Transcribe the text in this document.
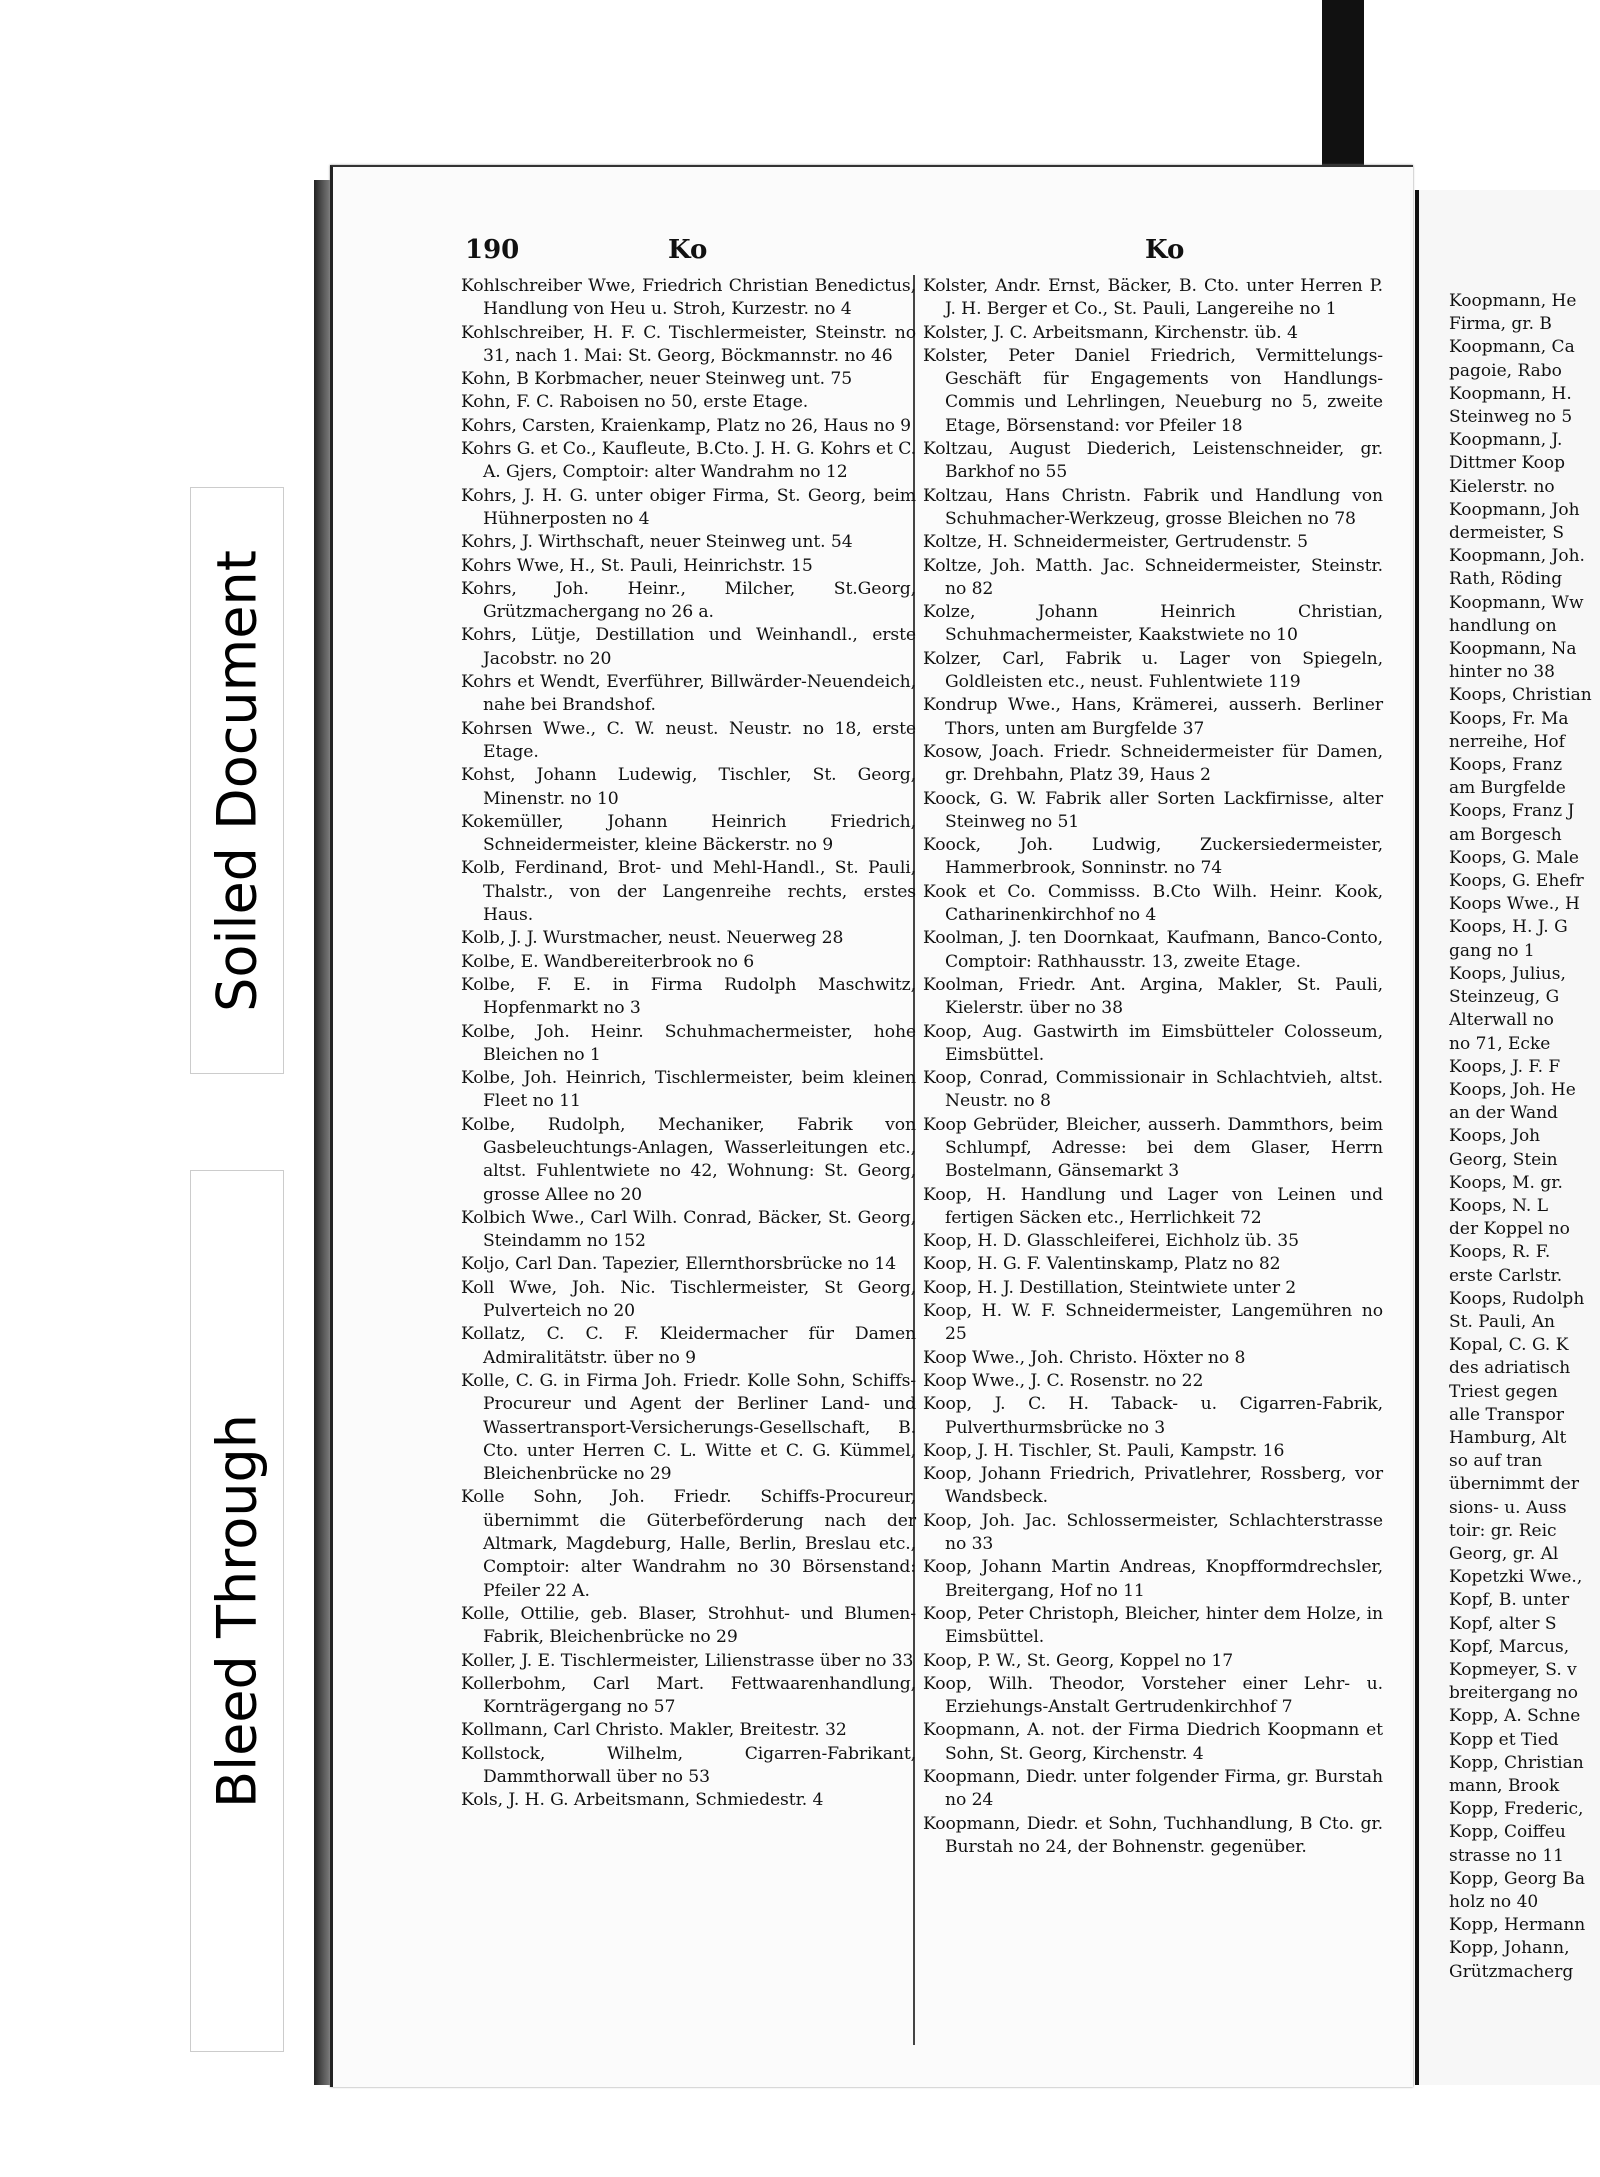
190	Ko	Ko

Kohlschreiber Wwe, Friedrich Christian Benedictus, Handlung von Heu u. Stroh, Kurzestr. no 4

Kohlschreiber, H. F. C. Tischlermeister, Steinstr. no 31, nach 1. Mai: St. Georg, Böckmannstr. no 46

Kohn, B Korbmacher, neuer Steinweg unt. 75

Kohn, F. C. Raboisen no 50, erste Etage.

Kohrs, Carsten, Kraienkamp, Platz no 26, Haus no 9

Kohrs G. et Co., Kaufleute, B.Cto. J. H. G. Kohrs et C. A. Gjers, Comptoir: alter Wandrahm no 12

Kohrs, J. H. G. unter obiger Firma, St. Georg, beim Hühnerposten no 4

Kohrs, J. Wirthschaft, neuer Steinweg unt. 54

Kohrs Wwe, H., St. Pauli, Heinrichstr. 15

Kohrs, Joh. Heinr., Milcher, St.Georg, Grützmachergang no 26 a.

Kohrs, Lütje, Destillation und Weinhandl., erste Jacobstr. no 20

Kohrs et Wendt, Everführer, Billwärder-Neuendeich, nahe bei Brandshof.

Kohrsen Wwe., C. W. neust. Neustr. no 18, erste Etage.

Kohst, Johann Ludewig, Tischler, St. Georg, Minenstr. no 10

Kokemüller, Johann Heinrich Friedrich, Schneidermeister, kleine Bäckerstr. no 9

Kolb, Ferdinand, Brot- und Mehl-Handl., St. Pauli, Thalstr., von der Langenreihe rechts, erstes Haus.

Kolb, J. J. Wurstmacher, neust. Neuerweg 28

Kolbe, E. Wandbereiterbrook no 6

Kolbe, F. E. in Firma Rudolph Maschwitz, Hopfenmarkt no 3

Kolbe, Joh. Heinr. Schuhmachermeister, hohe Bleichen no 1

Kolbe, Joh. Heinrich, Tischlermeister, beim kleinen Fleet no 11

Kolbe, Rudolph, Mechaniker, Fabrik von Gasbeleuchtungs-Anlagen, Wasserleitungen etc., altst. Fuhlentwiete no 42, Wohnung: St. Georg, grosse Allee no 20

Kolbich Wwe., Carl Wilh. Conrad, Bäcker, St. Georg, Steindamm no 152

Koljo, Carl Dan. Tapezier, Ellernthorsbrücke no 14

Koll Wwe, Joh. Nic. Tischlermeister, St Georg, Pulverteich no 20

Kollatz, C. C. F. Kleidermacher für Damen Admiralitätstr. über no 9

Kolle, C. G. in Firma Joh. Friedr. Kolle Sohn, Schiffs-Procureur und Agent der Berliner Land- und Wassertransport-Versicherungs-Gesellschaft, B. Cto. unter Herren C. L. Witte et C. G. Kümmel, Bleichenbrücke no 29

Kolle Sohn, Joh. Friedr. Schiffs-Procureur, übernimmt die Güterbeförderung nach der Altmark, Magdeburg, Halle, Berlin, Breslau etc., Comptoir: alter Wandrahm no 30 Börsenstand: Pfeiler 22 A.

Kolle, Ottilie, geb. Blaser, Strohhut- und Blumen-Fabrik, Bleichenbrücke no 29

Koller, J. E. Tischlermeister, Lilienstrasse über no 33

Kollerbohm, Carl Mart. Fettwaarenhandlung, Kornträgergang no 57

Kollmann, Carl Christo. Makler, Breitestr. 32

Kollstock, Wilhelm, Cigarren-Fabrikant, Dammthorwall über no 53

Kols, J. H. G. Arbeitsmann, Schmiedestr. 4

Kolster, Andr. Ernst, Bäcker, B. Cto. unter Herren P. J. H. Berger et Co., St. Pauli, Langereihe no 1

Kolster, J. C. Arbeitsmann, Kirchenstr. üb. 4

Kolster, Peter Daniel Friedrich, Vermittelungs-Geschäft für Engagements von Handlungs-Commis und Lehrlingen, Neueburg no 5, zweite Etage, Börsenstand: vor Pfeiler 18

Koltzau, August Diederich, Leistenschneider, gr. Barkhof no 55

Koltzau, Hans Christn. Fabrik und Handlung von Schuhmacher-Werkzeug, grosse Bleichen no 78

Koltze, H. Schneidermeister, Gertrudenstr. 5

Koltze, Joh. Matth. Jac. Schneidermeister, Steinstr. no 82

Kolze, Johann Heinrich Christian, Schuhmachermeister, Kaakstwiete no 10

Kolzer, Carl, Fabrik u. Lager von Spiegeln, Goldleisten etc., neust. Fuhlentwiete 119

Kondrup Wwe., Hans, Krämerei, ausserh. Berliner Thors, unten am Burgfelde 37

Kosow, Joach. Friedr. Schneidermeister für Damen, gr. Drehbahn, Platz 39, Haus 2

Koock, G. W. Fabrik aller Sorten Lackfirnisse, alter Steinweg no 51

Koock, Joh. Ludwig, Zuckersiedermeister, Hammerbrook, Sonninstr. no 74

Kook et Co. Commisss. B.Cto Wilh. Heinr. Kook, Catharinenkirchhof no 4

Koolman, J. ten Doornkaat, Kaufmann, Banco-Conto, Comptoir: Rathhausstr. 13, zweite Etage.

Koolman, Friedr. Ant. Argina, Makler, St. Pauli, Kielerstr. über no 38

Koop, Aug. Gastwirth im Eimsbütteler Colosseum, Eimsbüttel.

Koop, Conrad, Commissionair in Schlachtvieh, altst. Neustr. no 8

Koop Gebrüder, Bleicher, ausserh. Dammthors, beim Schlumpf, Adresse: bei dem Glaser, Herrn Bostelmann, Gänsemarkt 3

Koop, H. Handlung und Lager von Leinen und fertigen Säcken etc., Herrlichkeit 72

Koop, H. D. Glasschleiferei, Eichholz üb. 35

Koop, H. G. F. Valentinskamp, Platz no 82

Koop, H. J. Destillation, Steintwiete unter 2

Koop, H. W. F. Schneidermeister, Langemühren no 25

Koop Wwe., Joh. Christo. Höxter no 8

Koop Wwe., J. C. Rosenstr. no 22

Koop, J. C. H. Taback- u. Cigarren-Fabrik, Pulverthurmsbrücke no 3

Koop, J. H. Tischler, St. Pauli, Kampstr. 16

Koop, Johann Friedrich, Privatlehrer, Rossberg, vor Wandsbeck.

Koop, Joh. Jac. Schlossermeister, Schlachterstrasse no 33

Koop, Johann Martin Andreas, Knopfformdrechsler, Breitergang, Hof no 11

Koop, Peter Christoph, Bleicher, hinter dem Holze, in Eimsbüttel.

Koop, P. W., St. Georg, Koppel no 17

Koop, Wilh. Theodor, Vorsteher einer Lehr- u. Erziehungs-Anstalt Gertrudenkirchhof 7

Koopmann, A. not. der Firma Diedrich Koopmann et Sohn, St. Georg, Kirchenstr. 4

Koopmann, Diedr. unter folgender Firma, gr. Burstah no 24

Koopmann, Diedr. et Sohn, Tuchhandlung, B Cto. gr. Burstah no 24, der Bohnenstr. gegenüber.

Koopmann, He

Firma, gr. B

Koopmann, Ca

pagoie, Rabo

Koopmann, H.

Steinweg no 5

Koopmann, J.

Dittmer Koop

Kielerstr. no

Koopmann, Joh

dermeister, S

Koopmann, Joh.

Rath, Röding

Koopmann, Ww

handlung on

Koopmann, Na

hinter no 38

Koops, Christian

Koops, Fr. Ma

nerreihe, Hof

Koops, Franz

am Burgfelde

Koops, Franz J

am Borgesch

Koops, G. Male

Koops, G. Ehefr

Koops Wwe., H

Koops, H. J. G

gang no 1

Koops, Julius,

Steinzeug, G

Alterwall no

no 71, Ecke

Koops, J. F. F

Koops, Joh. He

an der Wand

Koops, Joh

Georg, Stein

Koops, M. gr.

Koops, N. L

der Koppel no

Koops, R. F.

erste Carlstr.

Koops, Rudolph

St. Pauli, An

Kopal, C. G. K

des adriatisch

Triest gegen

alle Transpor

Hamburg, Alt

so auf tran

übernimmt der

sions- u. Auss

toir: gr. Reic

Georg, gr. Al

Kopetzki Wwe.,

Kopf, B. unter

Kopf, alter S

Kopf, Marcus,

Kopmeyer, S. v

breitergang no

Kopp, A. Schne

Kopp et Tied

Kopp, Christian

mann, Brook

Kopp, Frederic,

Kopp, Coiffeu

strasse no 11

Kopp, Georg Ba

holz no 40

Kopp, Hermann

Kopp, Johann,

Grützmacherg

Soiled Document
Bleed Through
